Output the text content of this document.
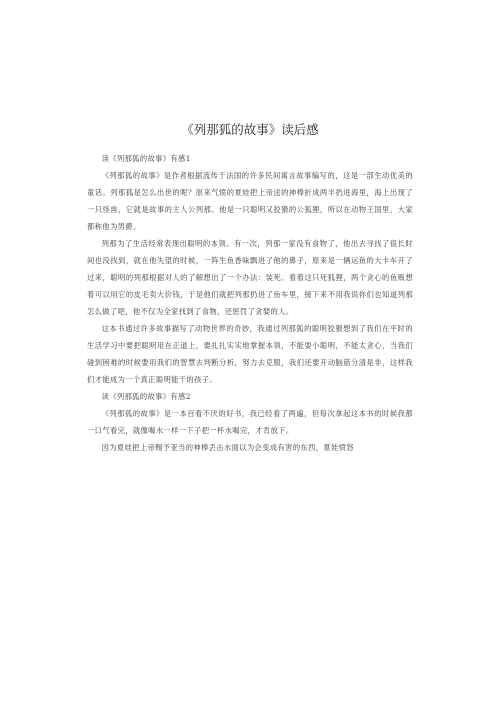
《列那狐的故事》读后感

读《列那狐的故事》有感1

《列那狐的故事》是作者根据流传于法国的许多民间寓言故事编写的，这是一部生动优美的童话。列那狐是怎么出世的呢？原来气愤的夏娃把上帝送的神棒折成两半扔进海里，海上出现了一只怪兽，它就是故事的主人公列那。他是一只聪明又狡猾的公狐狸，所以在动物王国里，大家都称他为男爵。

列那为了生活经常表现出聪明的本领。有一次，列那一家没有食物了，他出去寻找了很长时间也没找到，就在他失望的时候，一阵生鱼香味飘进了他的鼻子，原来是一辆运鱼的大卡车开了过来，聪明的列那根据对人的了解想出了一个办法：装死。看着这只死狐狸，两个贪心的鱼贩想着可以用它的皮毛卖大价钱，于是他们就把列那扔进了鱼车里，接下来不用我说你们也知道列那怎么做了吧，他不仅为全家找到了食物，还惩罚了贪婪的人。

这本书通过许多故事描写了动物世界的奇妙，我通过列那狐的聪明狡猾想到了我们在平时的生活学习中要把聪明用在正道上，要扎扎实实地掌握本领，不能耍小聪明，不能太贪心，当我们碰到困难的时候要用我们的智慧去判断分析，努力去克服，我们还要开动脑筋分清是非，这样我们才能成为一个真正聪明能干的孩子。

读《列那狐的故事》有感2

《列那狐的故事》是一本百看不厌的好书，我已经看了两遍，但每次拿起这本书的时候我都一口气看完，就像喝水一样一下子把一杯水喝完，才肯放下。

因为夏娃把上帝赐予亚当的神棒丢击水面以为会变成有害的东西，夏娃愤怒
